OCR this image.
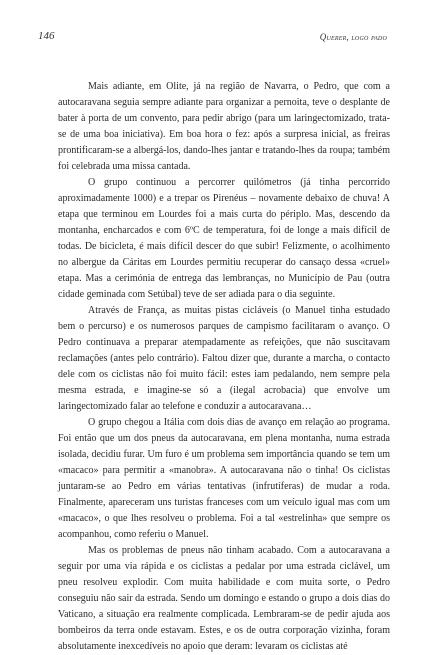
146	Querer, logo pado

Mais adiante, em Olite, já na região de Navarra, o Pedro, que com a autocaravana seguia sempre adiante para organizar a pernoita, teve o desplante de bater à porta de um convento, para pedir abrigo (para um laringectomizado, trata-se de uma boa iniciativa). Em boa hora o fez: após a surpresa inicial, as freiras prontificaram-se a albergá-los, dando-lhes jantar e tratando-lhes da roupa; também foi celebrada uma missa cantada.

O grupo continuou a percorrer quilómetros (já tinha percorrido aproximadamente 1000) e a trepar os Pirenéus – novamente debaixo de chuva! A etapa que terminou em Lourdes foi a mais curta do périplo. Mas, descendo da montanha, encharcados e com 6ºC de temperatura, foi de longe a mais difícil de todas. De bicicleta, é mais difícil descer do que subir! Felizmente, o acolhimento no albergue da Cáritas em Lourdes permitiu recuperar do cansaço dessa «cruel» etapa. Mas a cerimónia de entrega das lembranças, no Município de Pau (outra cidade geminada com Setúbal) teve de ser adiada para o dia seguinte.

Através de França, as muitas pistas cicláveis (o Manuel tinha estudado bem o percurso) e os numerosos parques de campismo facilitaram o avanço. O Pedro continuava a preparar atempadamente as refeições, que não suscitavam reclamações (antes pelo contrário). Faltou dizer que, durante a marcha, o contacto dele com os ciclistas não foi muito fácil: estes iam pedalando, nem sempre pela mesma estrada, e imagine-se só a (ilegal acrobacia) que envolve um laringectomizado falar ao telefone e conduzir a autocaravana…

O grupo chegou a Itália com dois dias de avanço em relação ao programa. Foi então que um dos pneus da autocaravana, em plena montanha, numa estrada isolada, decidiu furar. Um furo é um problema sem importância quando se tem um «macaco» para permitir a «manobra». A autocaravana não o tinha! Os ciclistas juntaram-se ao Pedro em várias tentativas (infrutíferas) de mudar a roda. Finalmente, apareceram uns turistas franceses com um veículo igual mas com um «macaco», o que lhes resolveu o problema. Foi a tal «estrelinha» que sempre os acompanhou, como referiu o Manuel.

Mas os problemas de pneus não tinham acabado. Com a autocaravana a seguir por uma via rápida e os ciclistas a pedalar por uma estrada ciclável, um pneu resolveu explodir. Com muita habilidade e com muita sorte, o Pedro conseguiu não sair da estrada. Sendo um domingo e estando o grupo a dois dias do Vaticano, a situação era realmente complicada. Lembraram-se de pedir ajuda aos bombeiros da terra onde estavam. Estes, e os de outra corporação vizinha, foram absolutamente inexcedíveis no apoio que deram: levaram os ciclistas até
